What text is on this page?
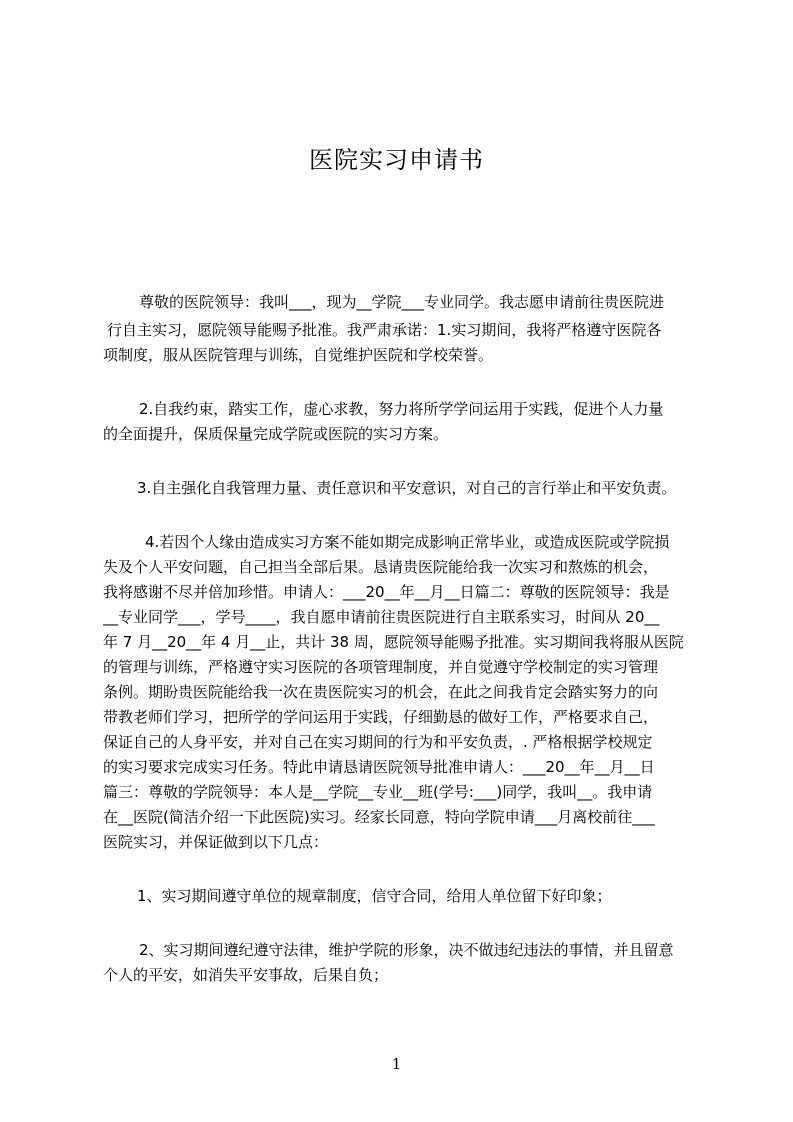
医院实习申请书
尊敬的医院领导：我叫___，现为__学院___专业同学。我志愿申请前往贵医院进
行自主实习，愿院领导能赐予批准。我严肃承诺：1.实习期间，我将严格遵守医院各
项制度，服从医院管理与训练，自觉维护医院和学校荣誉。
2.自我约束，踏实工作，虚心求教，努力将所学学问运用于实践，促进个人力量
的全面提升，保质保量完成学院或医院的实习方案。
3.自主强化自我管理力量、责任意识和平安意识，对自己的言行举止和平安负责。
4.若因个人缘由造成实习方案不能如期完成影响正常毕业，或造成医院或学院损
失及个人平安问题，自己担当全部后果。恳请贵医院能给我一次实习和熬炼的机会，
我将感谢不尽并倍加珍惜。申请人：___20__年__月__日篇二：尊敬的医院领导：我是
__专业同学___，学号____，我自愿申请前往贵医院进行自主联系实习，时间从 20__
年 7 月__20__年 4 月__止，共计 38 周，愿院领导能赐予批准。实习期间我将服从医院
的管理与训练，严格遵守实习医院的各项管理制度，并自觉遵守学校制定的实习管理
条例。期盼贵医院能给我一次在贵医院实习的机会，在此之间我肯定会踏实努力的向
带教老师们学习，把所学的学问运用于实践，仔细勤恳的做好工作，严格要求自己，
保证自己的人身平安，并对自己在实习期间的行为和平安负责，. 严格根据学校规定
的实习要求完成实习任务。特此申请恳请医院领导批准申请人：___20__年__月__日
篇三：尊敬的学院领导：本人是__学院__专业__班(学号:___)同学，我叫__。我申请
在__医院(简洁介绍一下此医院)实习。经家长同意，特向学院申请___月离校前往___
医院实习，并保证做到以下几点：
1、实习期间遵守单位的规章制度，信守合同，给用人单位留下好印象；
2、实习期间遵纪遵守法律，维护学院的形象，决不做违纪违法的事情，并且留意
个人的平安，如消失平安事故，后果自负；
1
